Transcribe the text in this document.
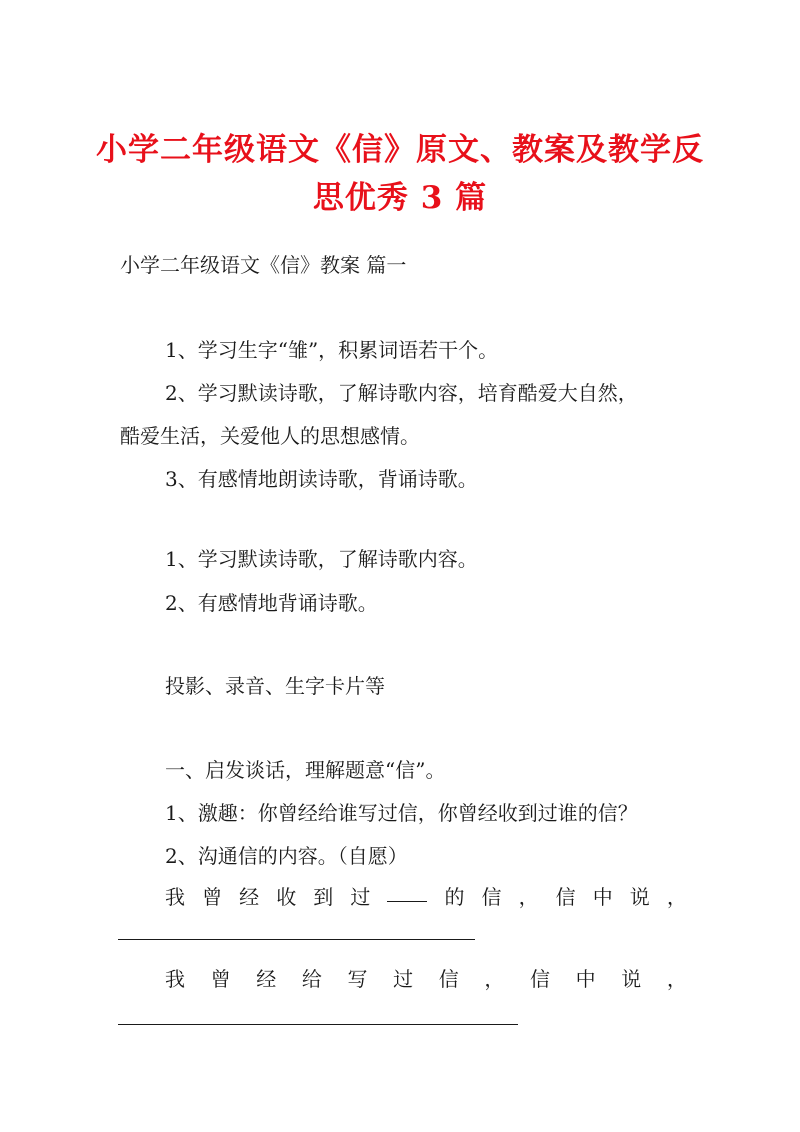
小学二年级语文《信》原文、教案及教学反
思优秀 3 篇

小学二年级语文《信》教案 篇一

1、学习生字“雏”，积累词语若干个。

2、学习默读诗歌，了解诗歌内容，培育酷爱大自然，

酷爱生活，关爱他人的思想感情。

3、有感情地朗读诗歌，背诵诗歌。

1、学习默读诗歌，了解诗歌内容。

2、有感情地背诵诗歌。

投影、录音、生字卡片等

一、启发谈话，理解题意“信”。

1、激趣：你曾经给谁写过信，你曾经收到过谁的信？

2、沟通信的内容。（自愿）

我 曾 经 收 到 过	的 信 ， 信 中 说 ，
我 曾 经 给 写 过 信 ， 信 中 说 ，
